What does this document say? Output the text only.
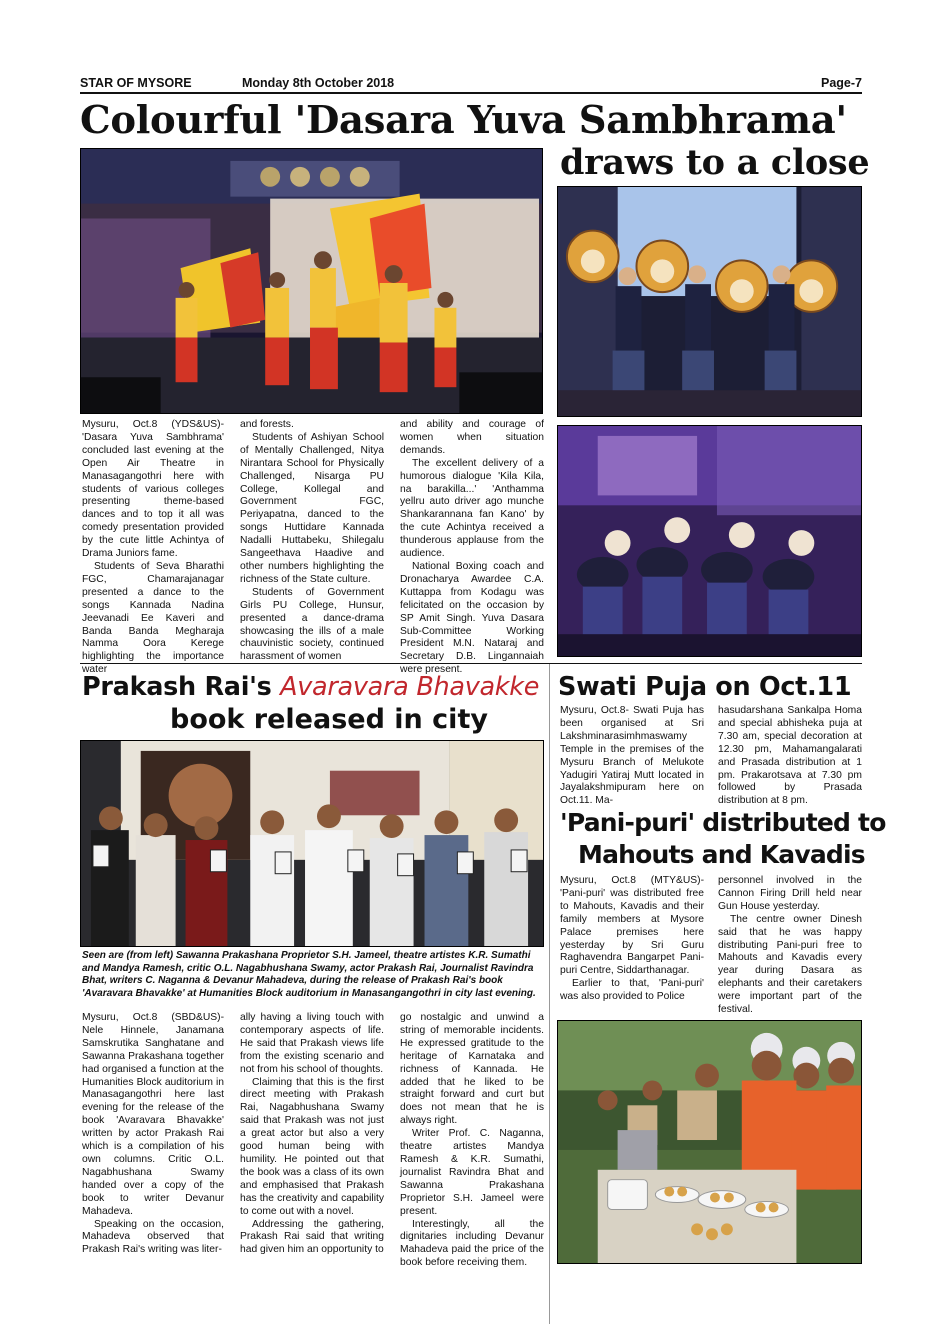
STAR OF MYSORE	Monday 8th October 2018	Page-7
Colourful 'Dasara Yuva Sambhrama'
draws to a close

Mysuru, Oct.8 (YDS&US)- 'Dasara Yuva Sambhrama' concluded last evening at the Open Air Theatre in Manasagangothri here with students of various colleges presenting theme-based dances and to top it all was comedy presentation provided by the cute little Achintya of Drama Juniors fame.

Students of Seva Bharathi FGC, Chamarajanagar presented a dance to the songs Kannada Nadina Jeevanadi Ee Kaveri and Banda Banda Megharaja Namma Oora Kerege highlighting the importance water

and forests.

Students of Ashiyan School of Mentally Challenged, Nitya Nirantara School for Physically Challenged, Nisarga PU College, Kollegal and Government FGC, Periyapatna, danced to the songs Huttidare Kannada Nadalli Huttabeku, Shilegalu Sangeethava Haadive and other numbers highlighting the richness of the State culture.

Students of Government Girls PU College, Hunsur, presented a dance-drama showcasing the ills of a male chauvinistic society, continued harassment of women

and ability and courage of women when situation demands.

The excellent delivery of a humorous dialogue 'Kila Kila, na barakilla...' 'Anthamma yellru auto driver ago munche Shankarannana fan Kano' by the cute Achintya received a thunderous applause from the audience.

National Boxing coach and Dronacharya Awardee C.A. Kuttappa from Kodagu was felicitated on the occasion by SP Amit Singh. Yuva Dasara Sub-Committee Working President M.N. Nataraj and Secretary D.B. Lingannaiah were present.

Prakash Rai's Avaravara Bhavakke
book released in city
Seen are (from left) Sawanna Prakashana Proprietor S.H. Jameel, theatre artistes K.R. Sumathi and Mandya Ramesh, critic O.L. Nagabhushana Swamy, actor Prakash Rai, Journalist Ravindra Bhat, writers C. Naganna & Devanur Mahadeva, during the release of Prakash Rai's book 'Avaravara Bhavakke' at Humanities Block auditorium in Manasangangothri in city last evening.

Mysuru, Oct.8 (SBD&US)- Nele Hinnele, Janamana Samskrutika Sanghatane and Sawanna Prakashana together had organised a function at the Humanities Block auditorium in Manasagangothri here last evening for the release of the book 'Avaravara Bhavakke' written by actor Prakash Rai which is a compilation of his own columns. Critic O.L. Nagabhushana Swamy handed over a copy of the book to writer Devanur Mahadeva.

Speaking on the occasion, Mahadeva observed that Prakash Rai's writing was liter-

ally having a living touch with contemporary aspects of life. He said that Prakash views life from the existing scenario and not from his school of thoughts.

Claiming that this is the first direct meeting with Prakash Rai, Nagabhushana Swamy said that Prakash was not just a great actor but also a very good human being with humility. He pointed out that the book was a class of its own and emphasised that Prakash has the creativity and capability to come out with a novel.

Addressing the gathering, Prakash Rai said that writing had given him an opportunity to

go nostalgic and unwind a string of memorable incidents. He expressed gratitude to the heritage of Karnataka and richness of Kannada. He added that he liked to be straight forward and curt but does not mean that he is always right.

Writer Prof. C. Naganna, theatre artistes Mandya Ramesh & K.R. Sumathi, journalist Ravindra Bhat and Sawanna Prakashana Proprietor S.H. Jameel were present.

Interestingly, all the dignitaries including Devanur Mahadeva paid the price of the book before receiving them.

Swati Puja on Oct.11

Mysuru, Oct.8- Swati Puja has been organised at Sri Lakshminarasimhmaswamy Temple in the premises of the Mysuru Branch of Melukote Yadugiri Yatiraj Mutt located in Jayalakshmipuram here on Oct.11. Ma-

hasudarshana Sankalpa Homa and special abhisheka puja at 7.30 am, special decoration at 12.30 pm, Mahamangalarati and Prasada distribution at 1 pm. Prakarotsava at 7.30 pm followed by Prasada distribution at 8 pm.

'Pani-puri' distributed to
Mahouts and Kavadis

Mysuru, Oct.8 (MTY&US)- 'Pani-puri' was distributed free to Mahouts, Kavadis and their family members at Mysore Palace premises here yesterday by Sri Guru Raghavendra Bangarpet Pani-puri Centre, Siddarthanagar.

Earlier to that, 'Pani-puri' was also provided to Police

personnel involved in the Cannon Firing Drill held near Gun House yesterday.

The centre owner Dinesh said that he was happy distributing Pani-puri free to Mahouts and Kavadis every year during Dasara as elephants and their caretakers were important part of the festival.
